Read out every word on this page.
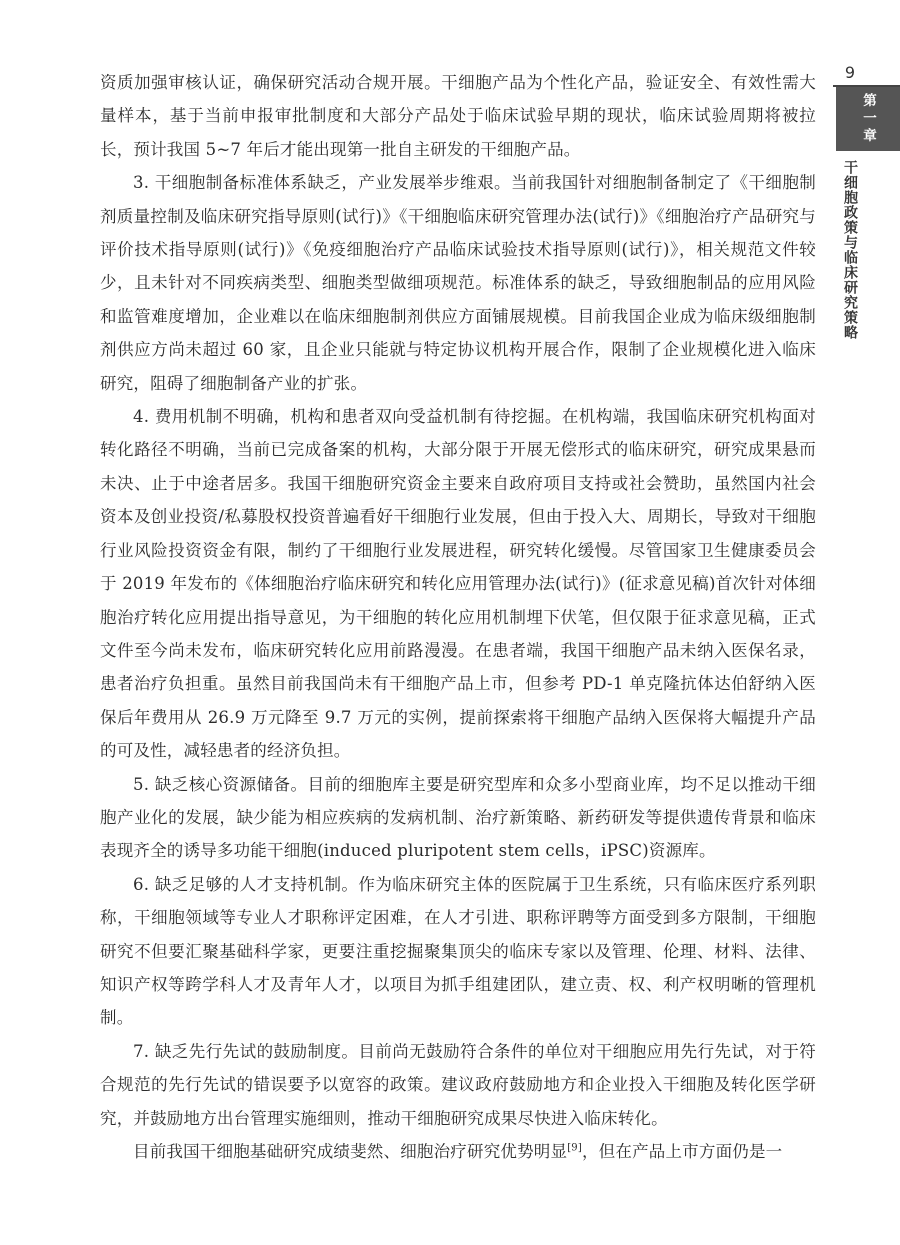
9
第一章
干细胞政策与临床研究策略

资质加强审核认证，确保研究活动合规开展。干细胞产品为个性化产品，验证安全、有效性需大量样本，基于当前申报审批制度和大部分产品处于临床试验早期的现状，临床试验周期将被拉长，预计我国 5~7 年后才能出现第一批自主研发的干细胞产品。

3. 干细胞制备标准体系缺乏，产业发展举步维艰。当前我国针对细胞制备制定了《干细胞制剂质量控制及临床研究指导原则(试行)》《干细胞临床研究管理办法(试行)》《细胞治疗产品研究与评价技术指导原则(试行)》《免疫细胞治疗产品临床试验技术指导原则(试行)》，相关规范文件较少，且未针对不同疾病类型、细胞类型做细项规范。标准体系的缺乏，导致细胞制品的应用风险和监管难度增加，企业难以在临床细胞制剂供应方面铺展规模。目前我国企业成为临床级细胞制剂供应方尚未超过 60 家，且企业只能就与特定协议机构开展合作，限制了企业规模化进入临床研究，阻碍了细胞制备产业的扩张。

4. 费用机制不明确，机构和患者双向受益机制有待挖掘。在机构端，我国临床研究机构面对转化路径不明确，当前已完成备案的机构，大部分限于开展无偿形式的临床研究，研究成果悬而未决、止于中途者居多。我国干细胞研究资金主要来自政府项目支持或社会赞助，虽然国内社会资本及创业投资/私募股权投资普遍看好干细胞行业发展，但由于投入大、周期长，导致对干细胞行业风险投资资金有限，制约了干细胞行业发展进程，研究转化缓慢。尽管国家卫生健康委员会于 2019 年发布的《体细胞治疗临床研究和转化应用管理办法(试行)》(征求意见稿)首次针对体细胞治疗转化应用提出指导意见，为干细胞的转化应用机制埋下伏笔，但仅限于征求意见稿，正式文件至今尚未发布，临床研究转化应用前路漫漫。在患者端，我国干细胞产品未纳入医保名录，患者治疗负担重。虽然目前我国尚未有干细胞产品上市，但参考 PD-1 单克隆抗体达伯舒纳入医保后年费用从 26.9 万元降至 9.7 万元的实例，提前探索将干细胞产品纳入医保将大幅提升产品的可及性，减轻患者的经济负担。

5. 缺乏核心资源储备。目前的细胞库主要是研究型库和众多小型商业库，均不足以推动干细胞产业化的发展，缺少能为相应疾病的发病机制、治疗新策略、新药研发等提供遗传背景和临床表现齐全的诱导多功能干细胞(induced pluripotent stem cells，iPSC)资源库。

6. 缺乏足够的人才支持机制。作为临床研究主体的医院属于卫生系统，只有临床医疗系列职称，干细胞领域等专业人才职称评定困难，在人才引进、职称评聘等方面受到多方限制，干细胞研究不但要汇聚基础科学家，更要注重挖掘聚集顶尖的临床专家以及管理、伦理、材料、法律、知识产权等跨学科人才及青年人才，以项目为抓手组建团队，建立责、权、利产权明晰的管理机制。

7. 缺乏先行先试的鼓励制度。目前尚无鼓励符合条件的单位对干细胞应用先行先试，对于符合规范的先行先试的错误要予以宽容的政策。建议政府鼓励地方和企业投入干细胞及转化医学研究，并鼓励地方出台管理实施细则，推动干细胞研究成果尽快进入临床转化。

目前我国干细胞基础研究成绩斐然、细胞治疗研究优势明显[9]，但在产品上市方面仍是一
